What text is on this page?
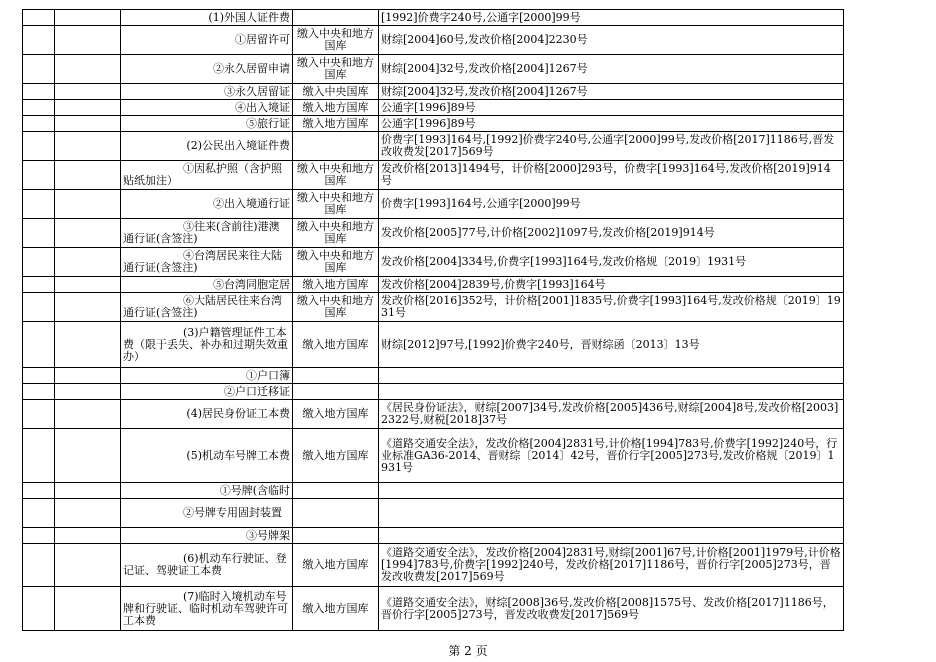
		(1)外国人证件费		[1992]价费字240号,公通字[2000]99号
		①居留许可	缴入中央和地方国库	财综[2004]60号,发改价格[2004]2230号
		②永久居留申请	缴入中央和地方国库	财综[2004]32号,发改价格[2004]1267号
		③永久居留证	缴入中央国库	财综[2004]32号,发改价格[2004]1267号
		④出入境证	缴入地方国库	公通字[1996]89号
		⑤旅行证	缴入地方国库	公通字[1996]89号
		(2)公民出入境证件费		价费字[1993]164号,[1992]价费字240号,公通字[2000]99号,发改价格[2017]1186号,晋发改收费发[2017]569号
		①因私护照（含护照贴纸加注）	缴入中央和地方国库	发改价格[2013]1494号，计价格[2000]293号，价费字[1993]164号,发改价格[2019]914号
		②出入境通行证	缴入中央和地方国库	价费字[1993]164号,公通字[2000]99号
		③往来(含前往)港澳通行证(含签注)	缴入中央和地方国库	发改价格[2005]77号,计价格[2002]1097号,发改价格[2019]914号
		④台湾居民来往大陆通行证(含签注)	缴入中央和地方国库	发改价格[2004]334号,价费字[1993]164号,发改价格规〔2019〕1931号
		⑤台湾同胞定居	缴入地方国库	发改价格[2004]2839号,价费字[1993]164号
		⑥大陆居民往来台湾通行证(含签注)	缴入中央和地方国库	发改价格[2016]352号，计价格[2001]1835号,价费字[1993]164号,发改价格规〔2019〕1931号
		(3)户籍管理证件工本费（限于丢失、补办和过期失效重办）	缴入地方国库	财综[2012]97号,[1992]价费字240号，晋财综函〔2013〕13号
		①户口簿		
		②户口迁移证		
		(4)居民身份证工本费	缴入地方国库	《居民身份证法》，财综[2007]34号,发改价格[2005]436号,财综[2004]8号,发改价格[2003]2322号,财税[2018]37号
		(5)机动车号牌工本费	缴入地方国库	《道路交通安全法》，发改价格[2004]2831号,计价格[1994]783号,价费字[1992]240号，行业标准GA36-2014、晋财综〔2014〕42号，晋价行字[2005]273号,发改价格规〔2019〕1931号
		①号牌(含临时		
		②号牌专用固封装置		
		③号牌架		
		(6)机动车行驶证、登记证、驾驶证工本费	缴入地方国库	《道路交通安全法》，发改价格[2004]2831号,财综[2001]67号,计价格[2001]1979号,计价格[1994]783号,价费字[1992]240号，发改价格[2017]1186号，晋价行字[2005]273号，晋发改收费发[2017]569号
		(7)临时入境机动车号牌和行驶证、临时机动车驾驶许可工本费	缴入地方国库	《道路交通安全法》，财综[2008]36号,发改价格[2008]1575号、发改价格[2017]1186号，晋价行字[2005]273号，晋发改收费发[2017]569号
第 2 页
